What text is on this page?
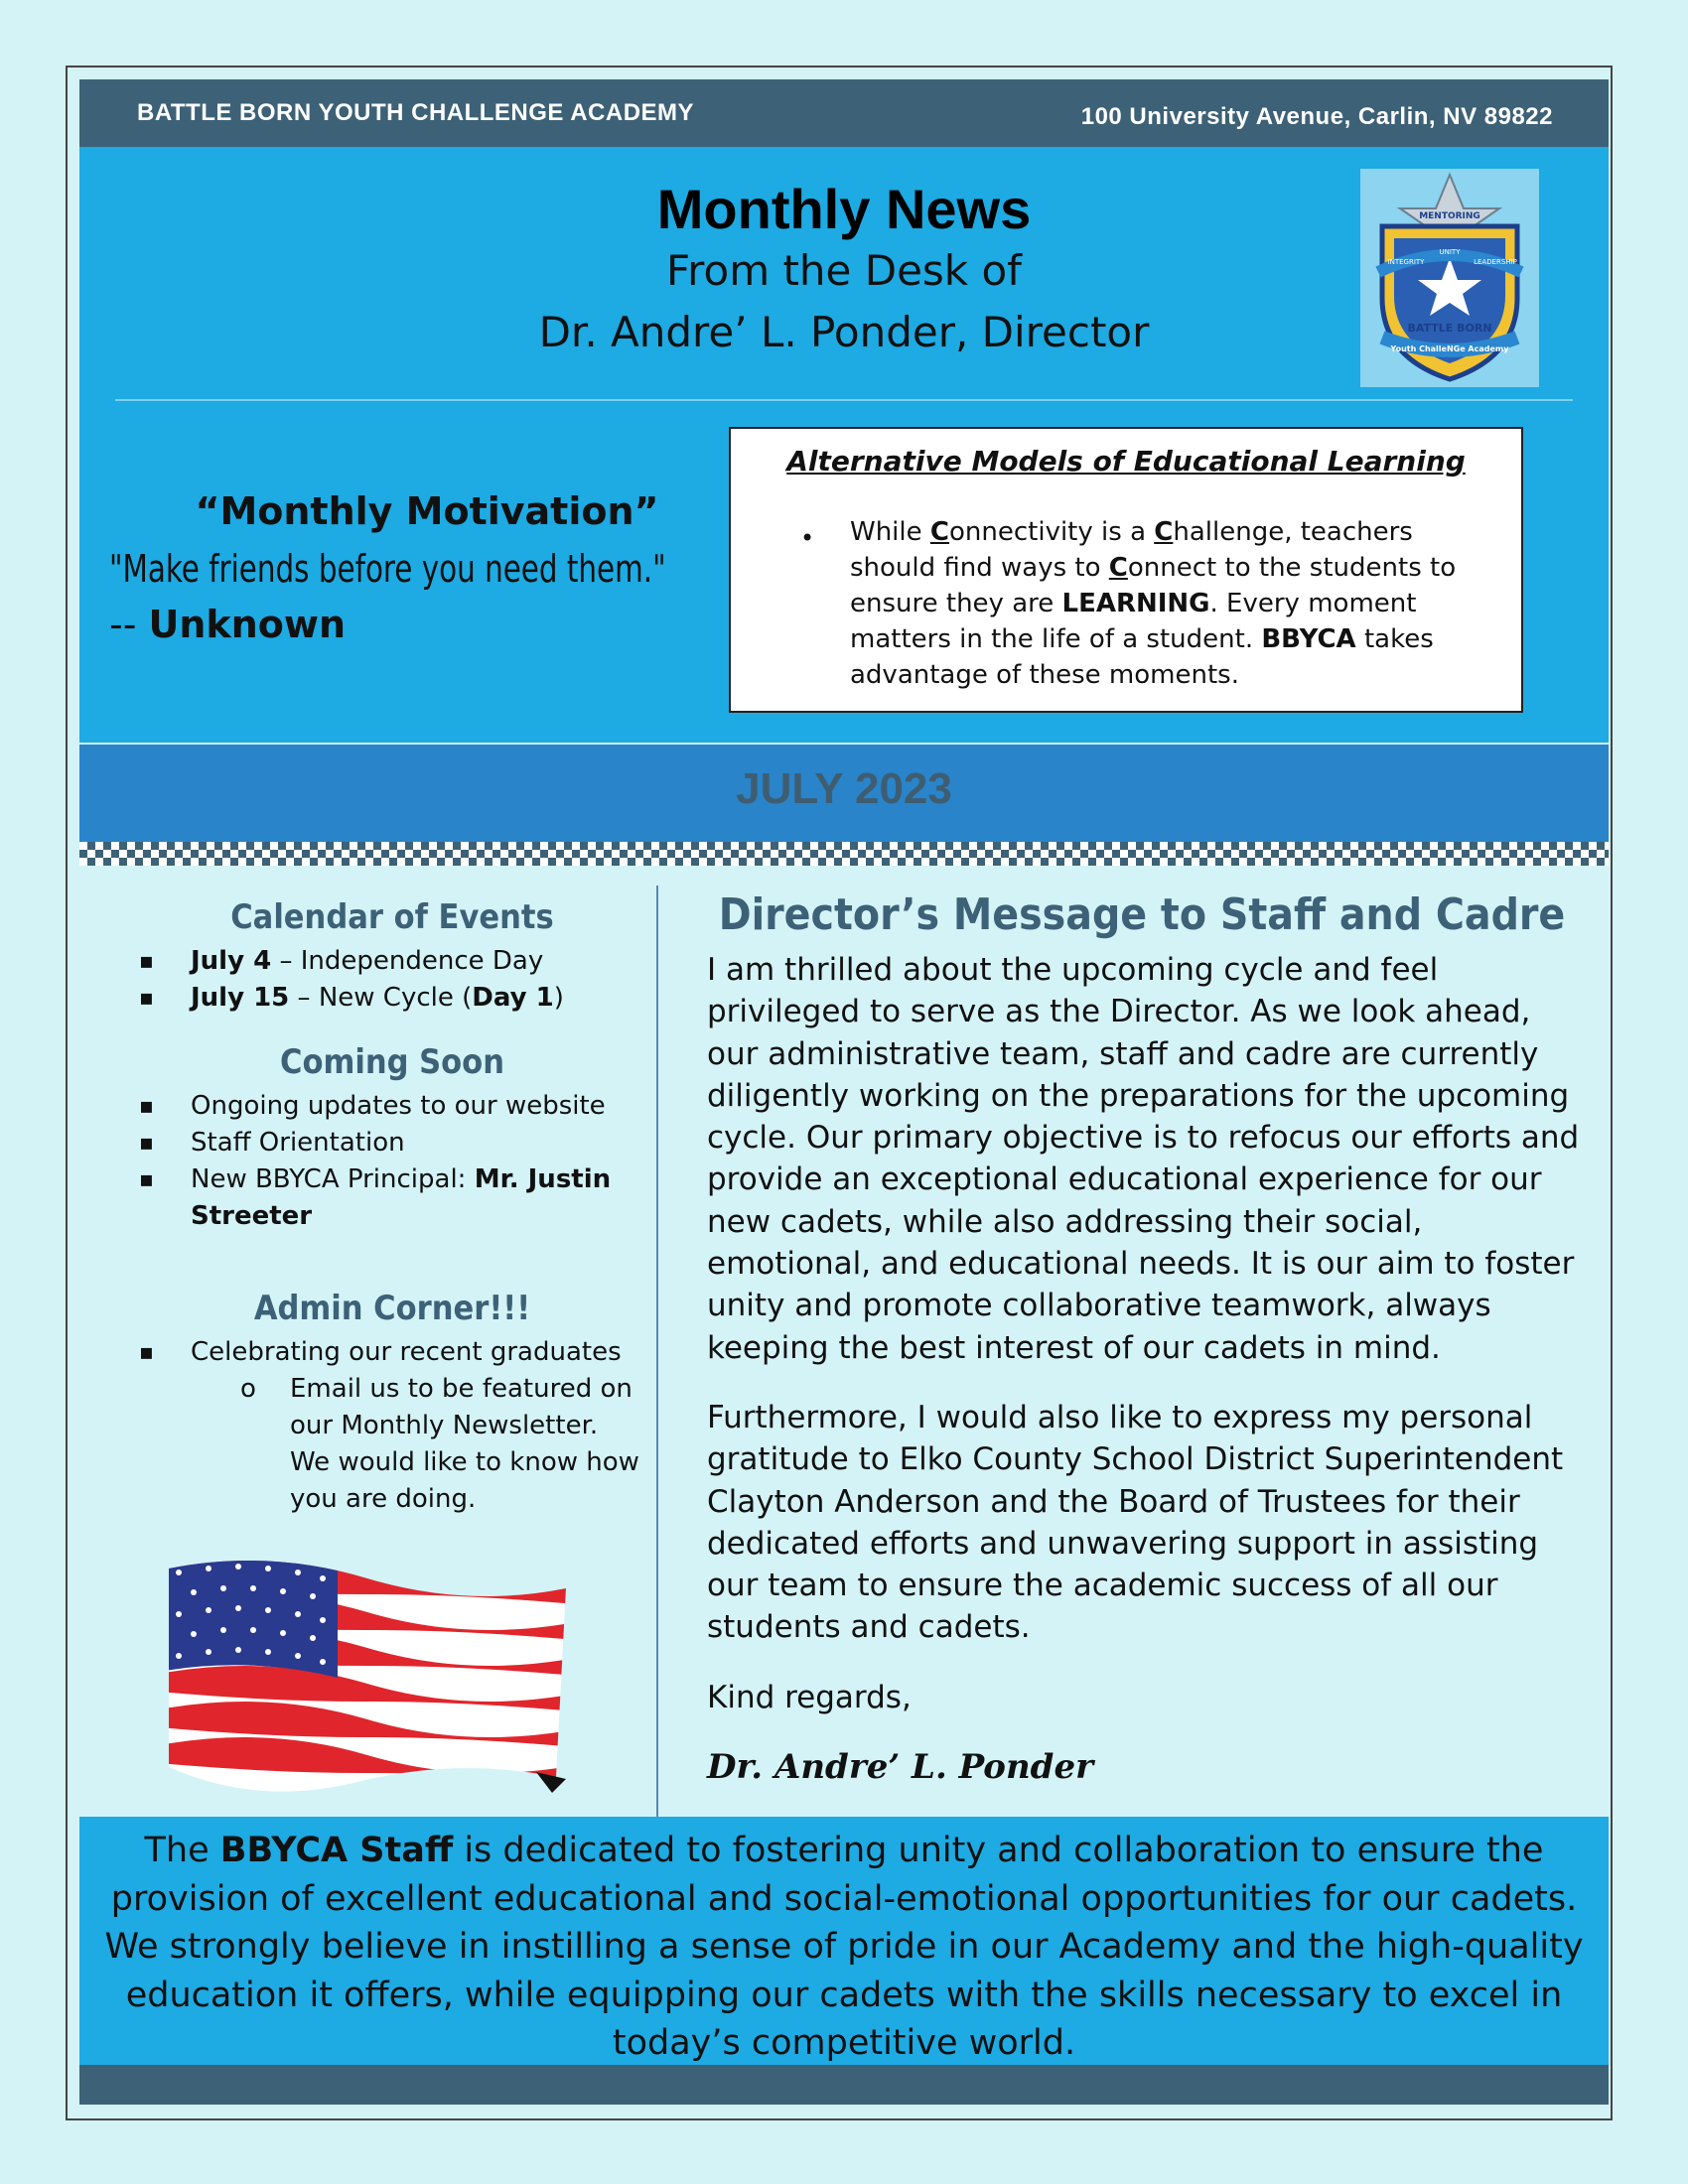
BATTLE BORN YOUTH CHALLENGE ACADEMY	100 University Avenue, Carlin, NV 89822
Monthly News
From the Desk of
Dr. Andre’ L. Ponder, Director
MENTORING
INTEGRITY
UNITY
LEADERSHIP
BATTLE BORN
Youth ChalleNGe Academy
“Monthly Motivation”
"Make friends before you need them."
-- Unknown
Alternative Models of Educational Learning
• While Connectivity is a Challenge, teachers should find ways to Connect to the students to ensure they are LEARNING. Every moment matters in the life of a student. BBYCA takes advantage of these moments.
JULY 2023
Calendar of Events
▪ July 4 – Independence Day
▪ July 15 – New Cycle (Day 1)
Coming Soon
▪ Ongoing updates to our website
▪ Staff Orientation
▪ New BBYCA Principal: Mr. Justin Streeter
Admin Corner!!!
▪ Celebrating our recent graduates
o Email us to be featured on our Monthly Newsletter. We would like to know how you are doing.
Director’s Message to Staff and Cadre

I am thrilled about the upcoming cycle and feel privileged to serve as the Director. As we look ahead, our administrative team, staff and cadre are currently diligently working on the preparations for the upcoming cycle. Our primary objective is to refocus our efforts and provide an exceptional educational experience for our new cadets, while also addressing their social, emotional, and educational needs. It is our aim to foster unity and promote collaborative teamwork, always keeping the best interest of our cadets in mind.

Furthermore, I would also like to express my personal gratitude to Elko County School District Superintendent Clayton Anderson and the Board of Trustees for their dedicated efforts and unwavering support in assisting our team to ensure the academic success of all our students and cadets.

Kind regards,

Dr. Andre’ L. Ponder
The BBYCA Staff is dedicated to fostering unity and collaboration to ensure the provision of excellent educational and social-emotional opportunities for our cadets. We strongly believe in instilling a sense of pride in our Academy and the high-quality education it offers, while equipping our cadets with the skills necessary to excel in today’s competitive world.
